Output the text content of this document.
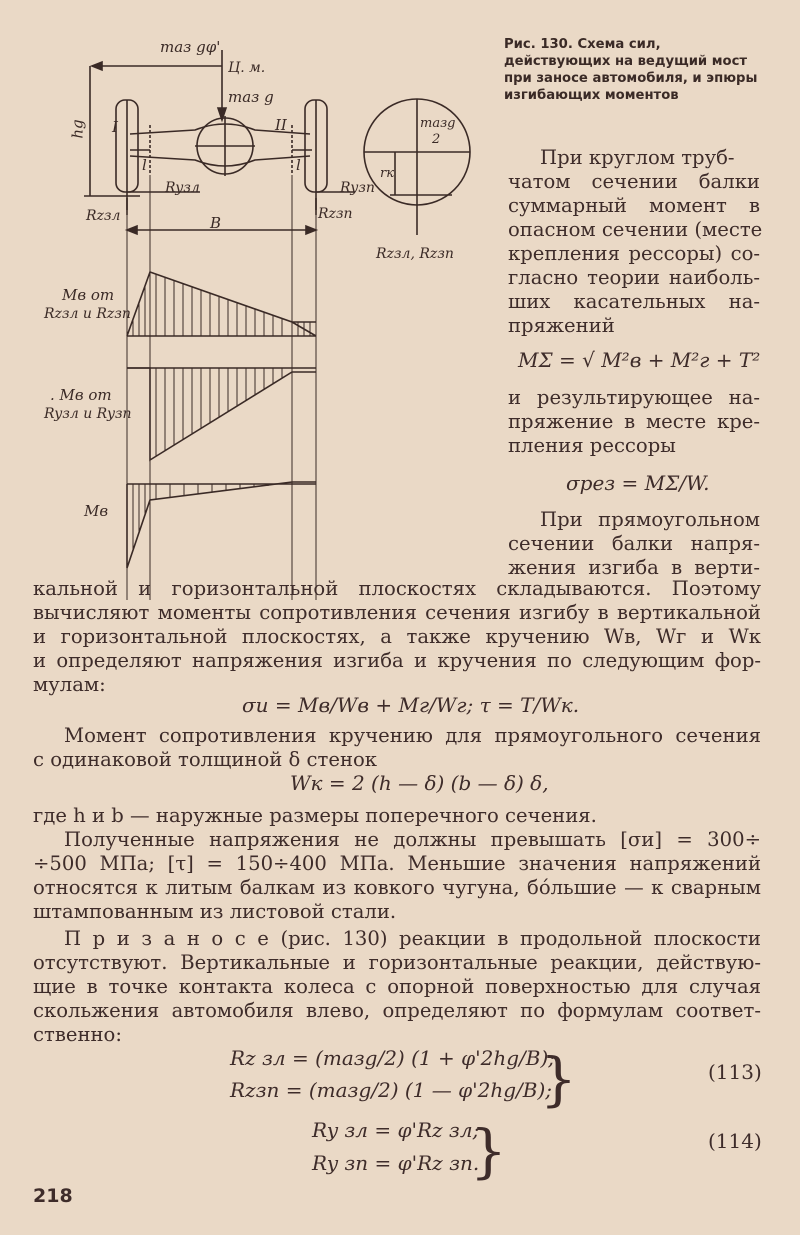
mаз gφ'
Ц. м.
mаз g
hg I	II
l	l
Ryзл	Ryзп
Rzзл	Rzзп
B
mазg
2
rк
Rzзл, Rzзп
Mв от
Rzзл и Rzзп
. Mв от
Ryзл и Ryзп
Mв
Рис. 130. Схема сил, действующих на ведущий мост при заносе автомобиля, и эпюры изгибающих моментов
При круглом труб-
чатом сечении балки
суммарный момент в
опасном сечении (месте
крепления рессоры) со-
гласно теории наиболь-
ших касательных на-
пряжений
MΣ = √ M²в + M²г + T²
и результирующее на-
пряжение в месте кре-
пления рессоры
σрез = MΣ/W.
При прямоугольном
сечении балки напря-
жения изгиба в верти-
кальной и горизонтальной плоскостях складываются. Поэтому
вычисляют моменты сопротивления сечения изгибу в вертикальной
и горизонтальной плоскостях, а также кручению Wв, Wг и Wк
и определяют напряжения изгиба и кручения по следующим фор-
мулам:
σи = Mв/Wв + Mг/Wг; τ = T/Wк.
Момент сопротивления кручению для прямоугольного сечения
с одинаковой толщиной δ стенок
Wк = 2 (h — δ) (b — δ) δ,
где h и b — наружные размеры поперечного сечения.
Полученные напряжения не должны превышать [σи] = 300÷
÷500 МПа; [τ] = 150÷400 МПа. Меньшие значения напряжений
относятся к литым балкам из ковкого чугуна, бо́льшие — к сварным
штампованным из листовой стали.
П р и з а н о с е (рис. 130) реакции в продольной плоскости
отсутствуют. Вертикальные и горизонтальные реакции, действую-
щие в точке контакта колеса с опорной поверхностью для случая
скольжения автомобиля влево, определяют по формулам соответ-
ственно:
Rz зл = (mазg/2) (1 + φ'2hg/B);
Rzзп = (mазg/2) (1 — φ'2hg/B);
}	(113)
Ry зл = φ'Rz зл;
Ry зп = φ'Rz зп.
}	(114)
218
